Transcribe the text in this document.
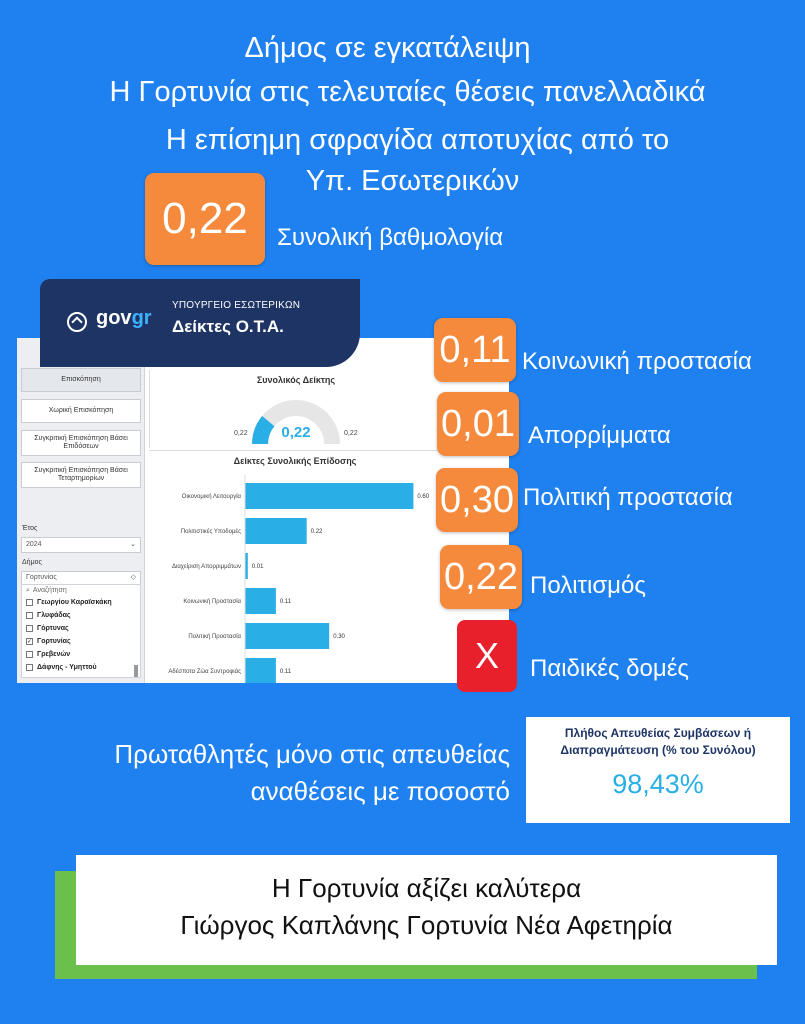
Δήμος σε εγκατάλειψη
Η Γορτυνία στις τελευταίες θέσεις πανελλαδικά
Η επίσημη σφραγίδα αποτυχίας από το
Υπ. Εσωτερικών
0,22 Συνολική βαθμολογία
govgr
ΥΠΟΥΡΓΕΙΟ ΕΣΩΤΕΡΙΚΩΝ
Δείκτες Ο.Τ.Α.
Επισκόπηση
Χωρική Επισκόπηση
Συγκριτική Επισκόπηση Βάσει Επιδόσεων
Συγκριτική Επισκόπηση Βάσει Τεταρτημορίων
Έτος
2024	⌄
Δήμος
Γορτυνίας	◇
⌕ Αναζήτηση
Γεωργίου Καραϊσκάκη
Γλυφάδας
Γόρτυνας
✓ Γορτυνίας
Γρεβενών
Δάφνης - Υμηττού
Συνολικός Δείκτης
0,22
0,22	0,22
Δείκτες Συνολικής Επίδοσης
Οικονομική Λειτουργία	0.60
Πολιτιστικές Υποδομές	0.22
Διαχείριση Απορριμμάτων 0.01
Κοινωνική Προστασία	0.11
Πολιτική Προστασία	0.30
Αδέσποτα Ζώα Συντροφιάς	0.11
0,11 Κοινωνική προστασία
0,01 Απορρίμματα
0,30 Πολιτική προστασία
0,22 Πολιτισμός
X Παιδικές δομές
Πρωταθλητές μόνο στις απευθείας
αναθέσεις με ποσοστό
Πλήθος Απευθείας Συμβάσεων ή
Διαπραγμάτευση (% του Συνόλου)
98,43%
Η Γορτυνία αξίζει καλύτερα
Γιώργος Καπλάνης Γορτυνία Νέα Αφετηρία
